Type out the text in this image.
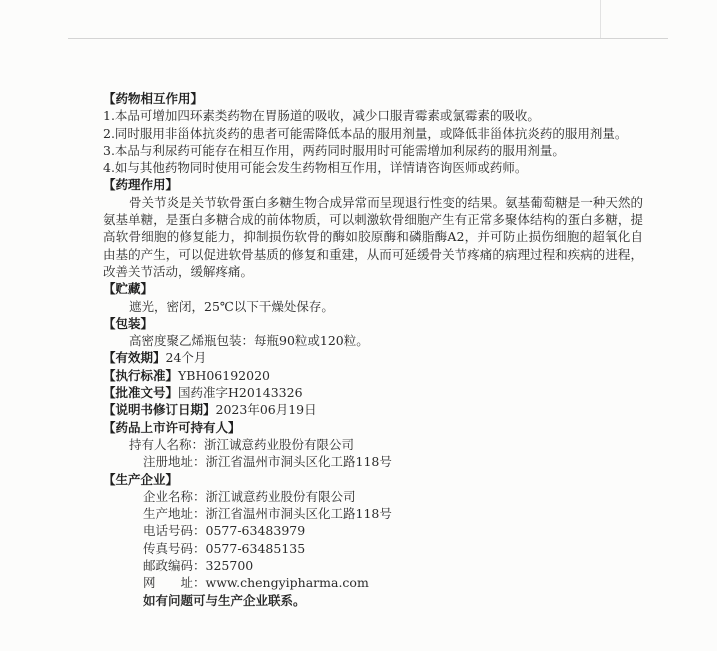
【药物相互作用】

1.本品可增加四环素类药物在胃肠道的吸收，减少口服青霉素或氯霉素的吸收。

2.同时服用非甾体抗炎药的患者可能需降低本品的服用剂量，或降低非甾体抗炎药的服用剂量。

3.本品与利尿药可能存在相互作用，两药同时服用时可能需增加利尿药的服用剂量。

4.如与其他药物同时使用可能会发生药物相互作用，详情请咨询医师或药师。

【药理作用】

骨关节炎是关节软骨蛋白多糖生物合成异常而呈现退行性变的结果。氨基葡萄糖是一种天然的氨基单糖，是蛋白多糖合成的前体物质，可以刺激软骨细胞产生有正常多聚体结构的蛋白多糖，提高软骨细胞的修复能力，抑制损伤软骨的酶如胶原酶和磷脂酶A2，并可防止损伤细胞的超氧化自由基的产生，可以促进软骨基质的修复和重建，从而可延缓骨关节疼痛的病理过程和疾病的进程，改善关节活动，缓解疼痛。

【贮藏】

遮光，密闭，25℃以下干燥处保存。

【包装】

高密度聚乙烯瓶包装：每瓶90粒或120粒。

【有效期】24个月

【执行标准】YBH06192020

【批准文号】国药准字H20143326

【说明书修订日期】2023年06月19日

【药品上市许可持有人】

持有人名称：浙江诚意药业股份有限公司

注册地址：浙江省温州市洞头区化工路118号

【生产企业】

企业名称：浙江诚意药业股份有限公司

生产地址：浙江省温州市洞头区化工路118号

电话号码：0577-63483979

传真号码：0577-63485135

邮政编码：325700

网　　址：www.chengyipharma.com

如有问题可与生产企业联系。
